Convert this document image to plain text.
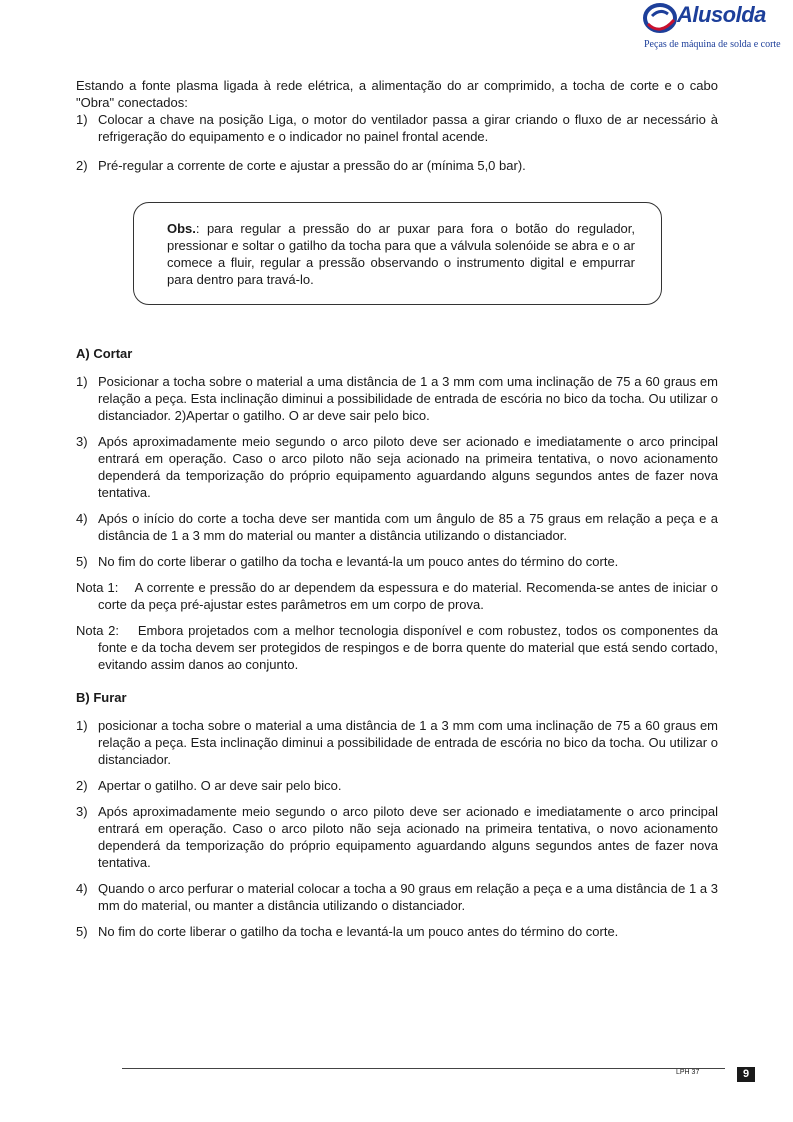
Alusolda
Peças de máquina de solda e corte

Estando a fonte plasma ligada à rede elétrica, a alimentação do ar comprimido, a tocha de corte e o cabo "Obra" conectados:

1) Colocar a chave na posição Liga, o motor do ventilador passa a girar criando o fluxo de ar necessário à refrigeração do equipamento e o indicador no painel frontal acende.
2) Pré-regular a corrente de corte e ajustar a pressão do ar (mínima 5,0 bar).
Obs.: para regular a pressão do ar puxar para fora o botão do regulador, pressionar e soltar o gatilho da tocha para que a válvula solenóide se abra e o ar comece a fluir, regular a pressão observando o instrumento digital e empurrar para dentro para travá-lo.
A) Cortar
1) Posicionar a tocha sobre o material a uma distância de 1 a 3 mm com uma inclinação de 75 a 60 graus em relação a peça. Esta inclinação diminui a possibilidade de entrada de escória no bico da tocha. Ou utilizar o distanciador. 2)Apertar o gatilho. O ar deve sair pelo bico.
3) Após aproximadamente meio segundo o arco piloto deve ser acionado e imediatamente o arco principal entrará em operação. Caso o arco piloto não seja acionado na primeira tentativa, o novo acionamento dependerá da temporização do próprio equipamento aguardando alguns segundos antes de fazer nova tentativa.
4) Após o início do corte a tocha deve ser mantida com um ângulo de 85 a 75 graus em relação a peça e a distância de 1 a 3 mm do material ou manter a distância utilizando o distanciador.
5) No fim do corte liberar o gatilho da tocha e levantá-la um pouco antes do término do corte.
Nota 1: A corrente e pressão do ar dependem da espessura e do material. Recomenda-se antes de iniciar o corte da peça pré-ajustar estes parâmetros em um corpo de prova.
Nota 2: Embora projetados com a melhor tecnologia disponível e com robustez, todos os componentes da fonte e da tocha devem ser protegidos de respingos e de borra quente do material que está sendo cortado, evitando assim danos ao conjunto.
B) Furar
1) posicionar a tocha sobre o material a uma distância de 1 a 3 mm com uma inclinação de 75 a 60 graus em relação a peça. Esta inclinação diminui a possibilidade de entrada de escória no bico da tocha. Ou utilizar o distanciador.
2) Apertar o gatilho. O ar deve sair pelo bico.
3) Após aproximadamente meio segundo o arco piloto deve ser acionado e imediatamente o arco principal entrará em operação. Caso o arco piloto não seja acionado na primeira tentativa, o novo acionamento dependerá da temporização do próprio equipamento aguardando alguns segundos antes de fazer nova tentativa.
4) Quando o arco perfurar o material colocar a tocha a 90 graus em relação a peça e a uma distância de 1 a 3 mm do material, ou manter a distância utilizando o distanciador.
5) No fim do corte liberar o gatilho da tocha e levantá-la um pouco antes do término do corte.
LPH 37	9
